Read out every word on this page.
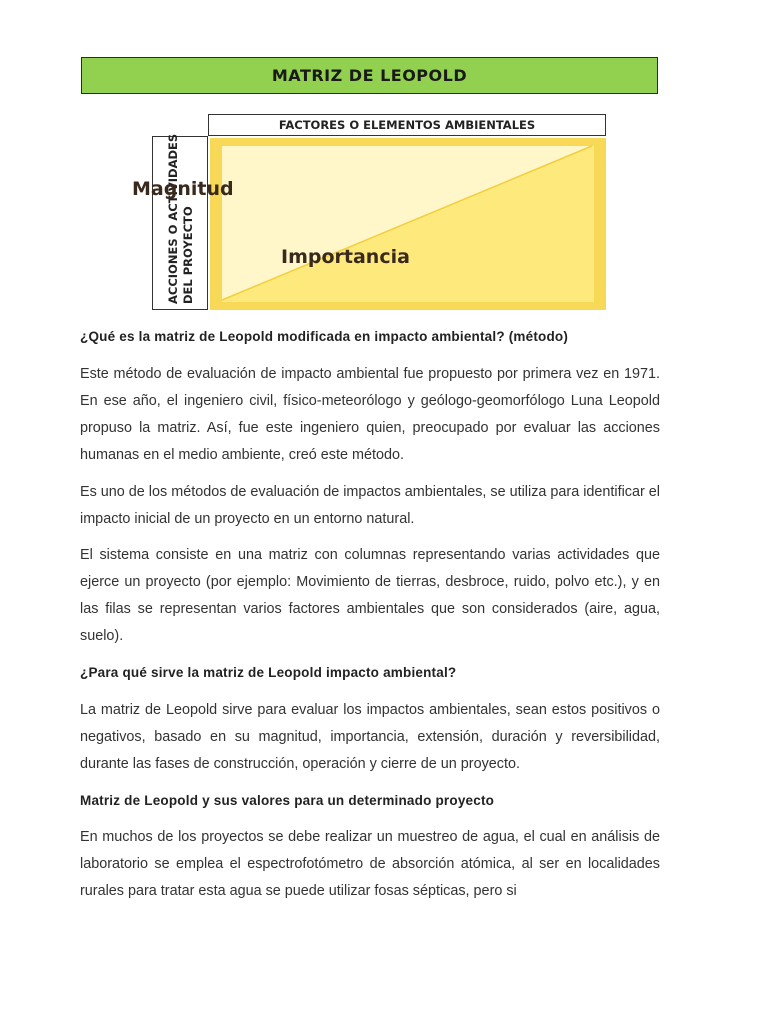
MATRIZ DE LEOPOLD
FACTORES O ELEMENTOS AMBIENTALES
ACCIONES O ACTIVIDADES DEL PROYECTO
Magnitud
Importancia
¿Qué es la matriz de Leopold modificada en impacto ambiental? (método)
Este método de evaluación de impacto ambiental fue propuesto por primera vez en 1971. En ese año, el ingeniero civil, físico-meteorólogo y geólogo-geomorfólogo Luna Leopold propuso la matriz. Así, fue este ingeniero quien, preocupado por evaluar las acciones humanas en el medio ambiente, creó este método.
Es uno de los métodos de evaluación de impactos ambientales, se utiliza para identificar el impacto inicial de un proyecto en un entorno natural.
El sistema consiste en una matriz con columnas representando varias actividades que ejerce un proyecto (por ejemplo: Movimiento de tierras, desbroce, ruido, polvo etc.), y en las filas se representan varios factores ambientales que son considerados (aire, agua, suelo).
¿Para qué sirve la matriz de Leopold impacto ambiental?
La matriz de Leopold sirve para evaluar los impactos ambientales, sean estos positivos o negativos, basado en su magnitud, importancia, extensión, duración y reversibilidad, durante las fases de construcción, operación y cierre de un proyecto.
Matriz de Leopold y sus valores para un determinado proyecto
En muchos de los proyectos se debe realizar un muestreo de agua, el cual en análisis de laboratorio se emplea el espectrofotómetro de absorción atómica, al ser en localidades rurales para tratar esta agua se puede utilizar fosas sépticas, pero si
